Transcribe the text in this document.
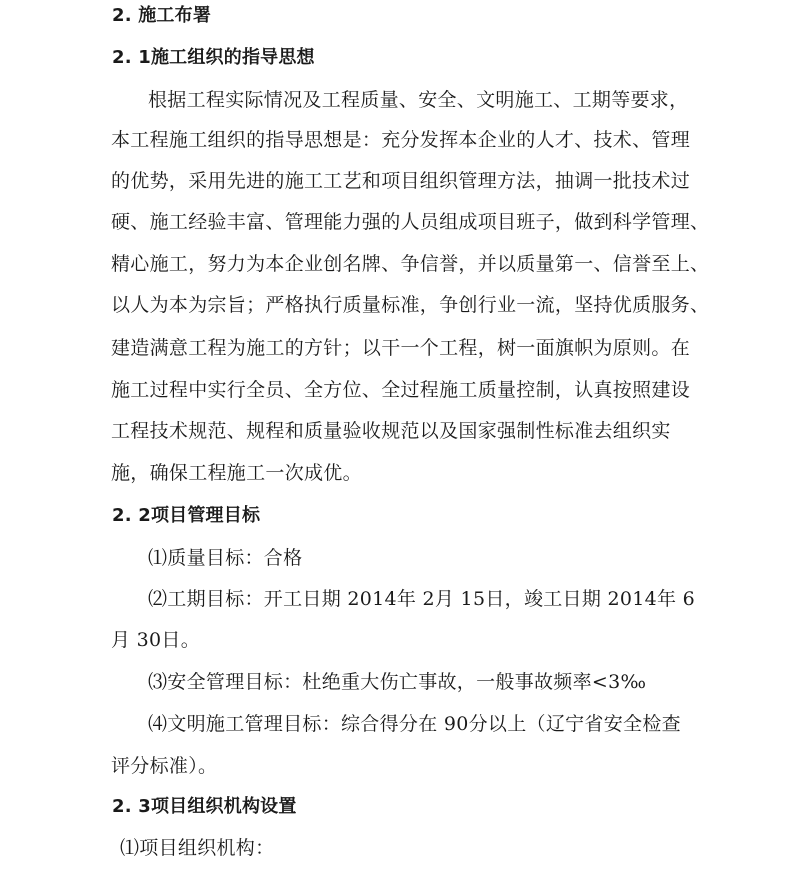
2. 施工布署
2. 1施工组织的指导思想
根据工程实际情况及工程质量、安全、文明施工、工期等要求，
本工程施工组织的指导思想是：充分发挥本企业的人才、技术、管理
的优势，采用先进的施工工艺和项目组织管理方法，抽调一批技术过
硬、施工经验丰富、管理能力强的人员组成项目班子，做到科学管理、
精心施工，努力为本企业创名牌、争信誉，并以质量第一、信誉至上、
以人为本为宗旨；严格执行质量标准，争创行业一流，坚持优质服务、
建造满意工程为施工的方针；以干一个工程，树一面旗帜为原则。在
施工过程中实行全员、全方位、全过程施工质量控制，认真按照建设
工程技术规范、规程和质量验收规范以及国家强制性标准去组织实
施，确保工程施工一次成优。
2. 2项目管理目标
⑴质量目标：合格
⑵工期目标：开工日期 2014年 2月 15日，竣工日期 2014年 6
月 30日。
⑶安全管理目标：杜绝重大伤亡事故，一般事故频率<3‰
⑷文明施工管理目标：综合得分在 90分以上（辽宁省安全检查
评分标准）。
2. 3项目组织机构设置
⑴项目组织机构：
